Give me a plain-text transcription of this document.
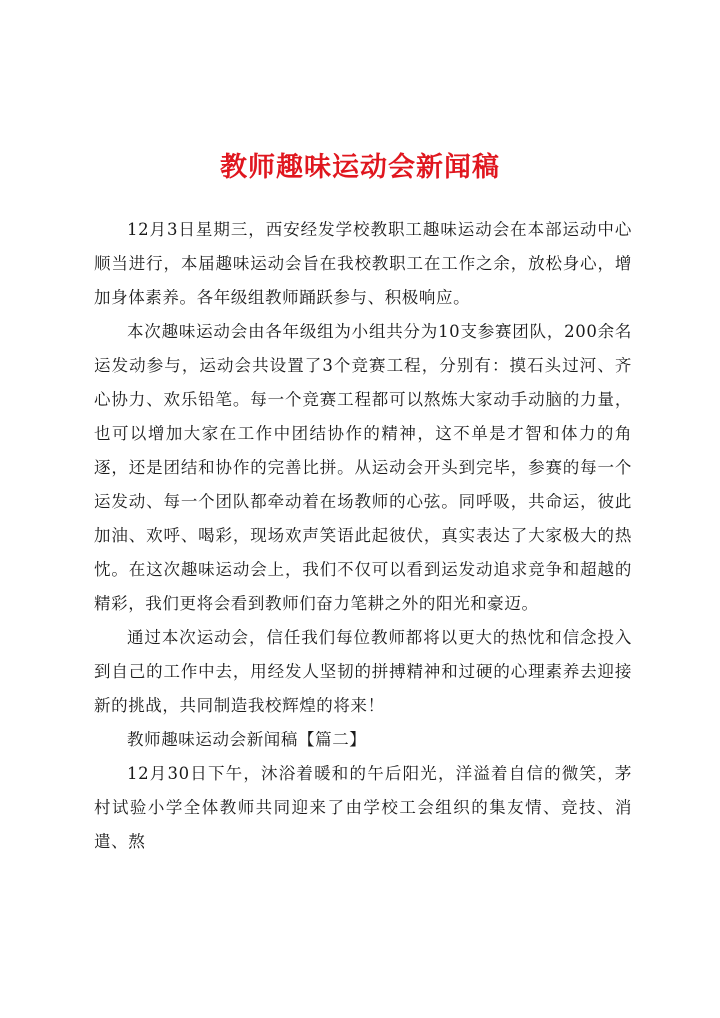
教师趣味运动会新闻稿

12月3日星期三，西安经发学校教职工趣味运动会在本部运动中心顺当进行，本届趣味运动会旨在我校教职工在工作之余，放松身心，增加身体素养。各年级组教师踊跃参与、积极响应。

本次趣味运动会由各年级组为小组共分为10支参赛团队，200余名运发动参与，运动会共设置了3个竞赛工程，分别有：摸石头过河、齐心协力、欢乐铅笔。每一个竞赛工程都可以熬炼大家动手动脑的力量，也可以增加大家在工作中团结协作的精神，这不单是才智和体力的角逐，还是团结和协作的完善比拼。从运动会开头到完毕，参赛的每一个运发动、每一个团队都牵动着在场教师的心弦。同呼吸，共命运，彼此加油、欢呼、喝彩，现场欢声笑语此起彼伏，真实表达了大家极大的热忱。在这次趣味运动会上，我们不仅可以看到运发动追求竞争和超越的精彩，我们更将会看到教师们奋力笔耕之外的阳光和豪迈。

通过本次运动会，信任我们每位教师都将以更大的热忱和信念投入到自己的工作中去，用经发人坚韧的拼搏精神和过硬的心理素养去迎接新的挑战，共同制造我校辉煌的将来！

教师趣味运动会新闻稿【篇二】

12月30日下午，沐浴着暖和的午后阳光，洋溢着自信的微笑，茅村试验小学全体教师共同迎来了由学校工会组织的集友情、竞技、消遣、熬
